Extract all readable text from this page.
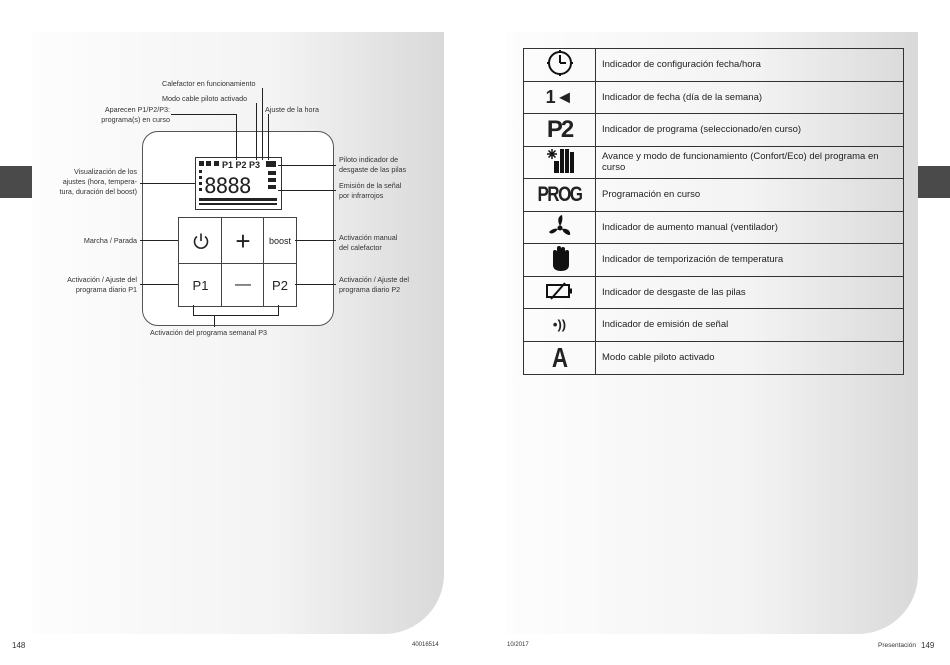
P1 P2 P3
8888
+	boost
P1	—	P2
Calefactor en funcionamiento
Modo cable piloto activado
Ajuste de la hora
Aparecen P1/P2/P3:
programa(s) en curso
Visualización de los
ajustes (hora, tempera-
tura, duración del boost)
Marcha / Parada
Activación / Ajuste del
programa diario P1
Piloto indicador de
desgaste de las pilas
Emisión de la señal
por infrarrojos
Activación manual
del calefactor
Activación / Ajuste del
programa diario P2
Activación del programa semanal P3
	Indicador de configuración fecha/hora
1◄	Indicador de fecha (día de la semana)
P2	Indicador de programa (seleccionado/en curso)
	Avance y modo de funcionamiento (Confort/Eco) del programa en curso
PROG	Programación en curso
	Indicador de aumento manual (ventilador)
	Indicador de temporización de temperatura
	Indicador de desgaste de las pilas
•))	Indicador de emisión de señal
A	Modo cable piloto activado
148	40016514	10/2017	Presentación 149
